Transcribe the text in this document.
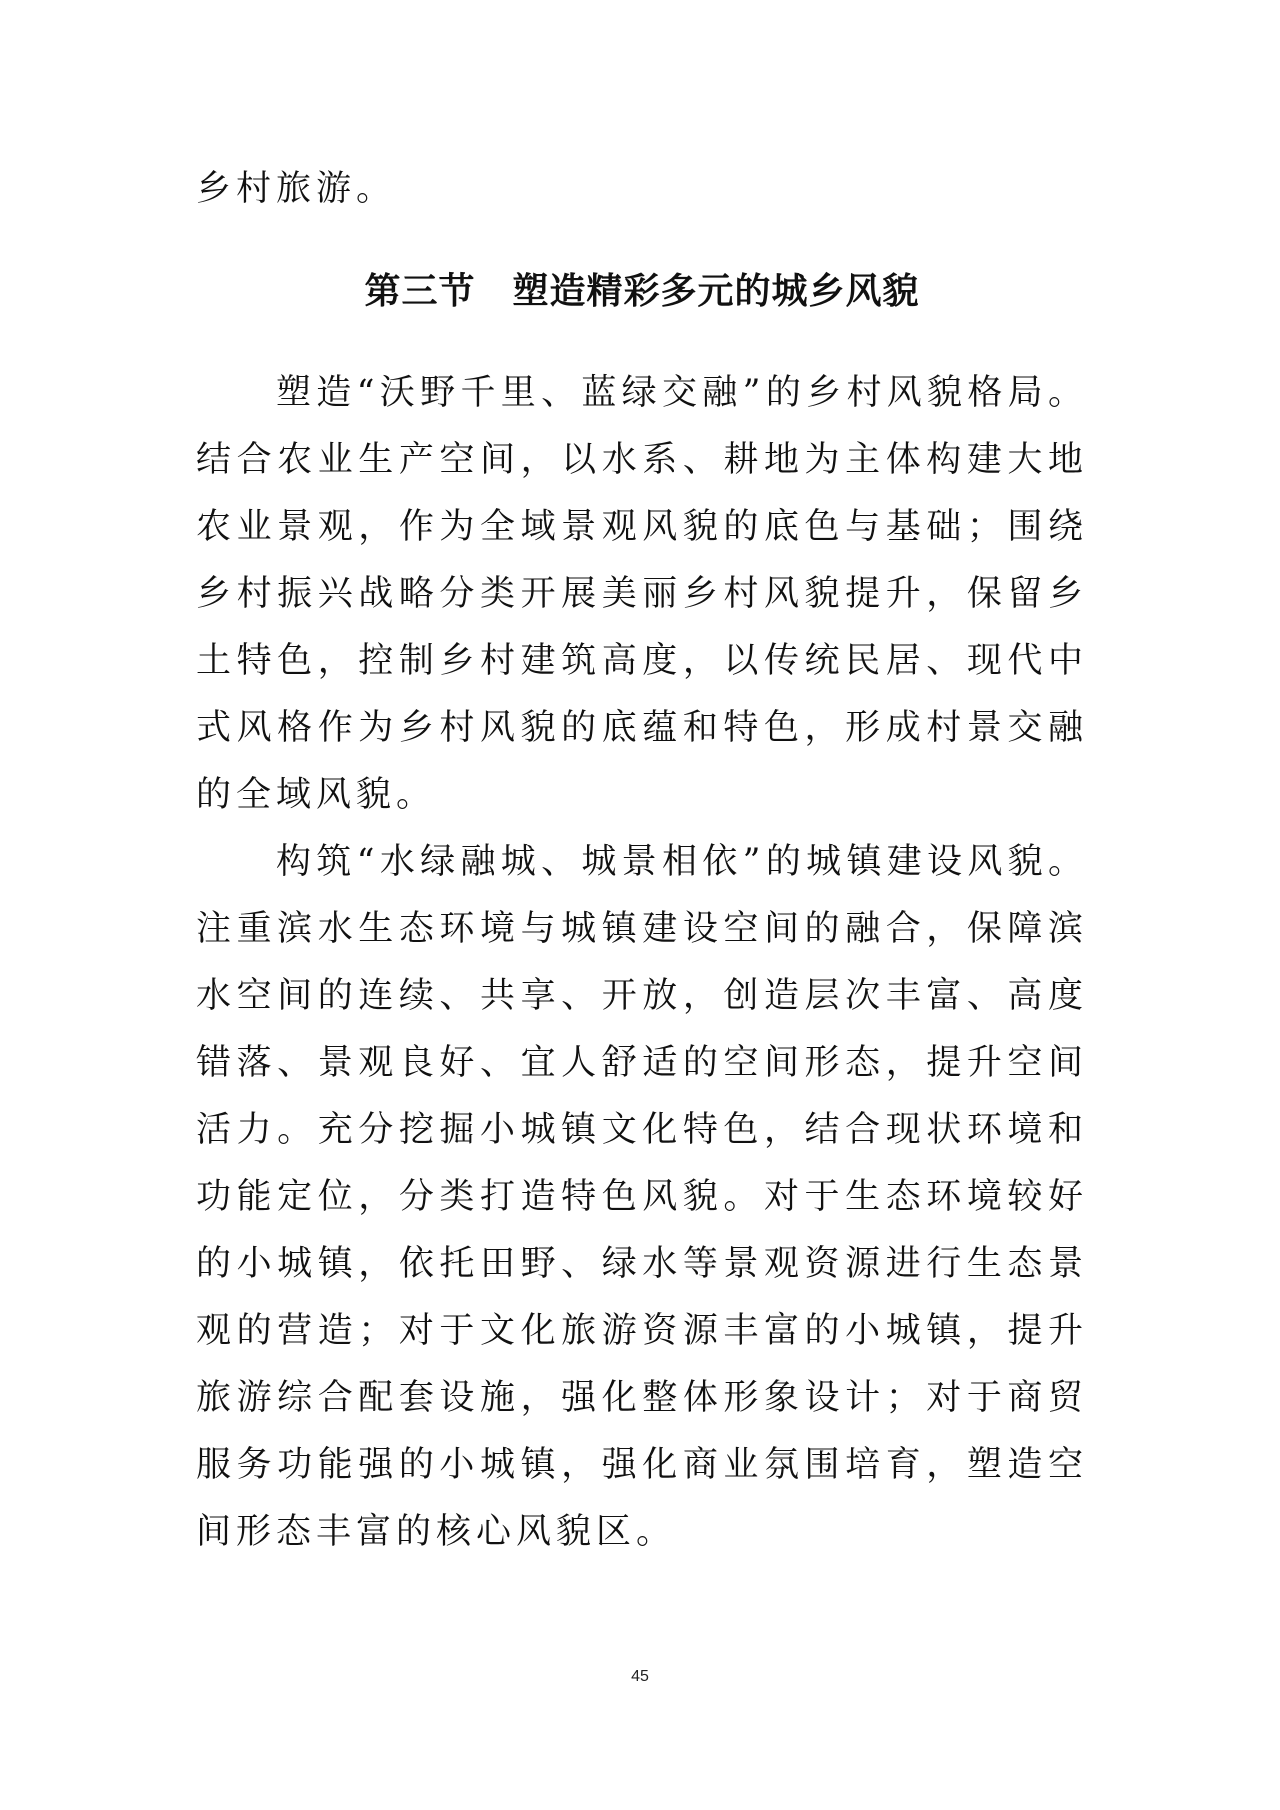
乡村旅游。
第三节　塑造精彩多元的城乡风貌

塑造“沃野千里、蓝绿交融”的乡村风貌格局。结合农业生产空间，以水系、耕地为主体构建大地农业景观，作为全域景观风貌的底色与基础；围绕乡村振兴战略分类开展美丽乡村风貌提升，保留乡土特色，控制乡村建筑高度，以传统民居、现代中式风格作为乡村风貌的底蕴和特色，形成村景交融的全域风貌。

构筑“水绿融城、城景相依”的城镇建设风貌。注重滨水生态环境与城镇建设空间的融合，保障滨水空间的连续、共享、开放，创造层次丰富、高度错落、景观良好、宜人舒适的空间形态，提升空间活力。充分挖掘小城镇文化特色，结合现状环境和功能定位，分类打造特色风貌。对于生态环境较好的小城镇，依托田野、绿水等景观资源进行生态景观的营造；对于文化旅游资源丰富的小城镇，提升旅游综合配套设施，强化整体形象设计；对于商贸服务功能强的小城镇，强化商业氛围培育，塑造空间形态丰富的核心风貌区。

45
